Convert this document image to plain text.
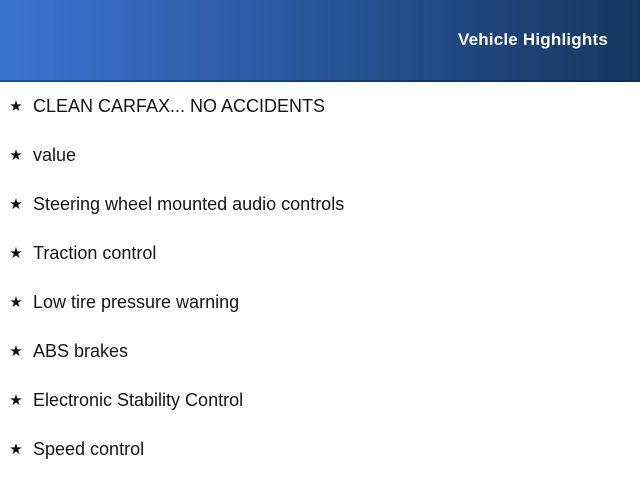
Vehicle Highlights
★ CLEAN CARFAX... NO ACCIDENTS
★ value
★ Steering wheel mounted audio controls
★ Traction control
★ Low tire pressure warning
★ ABS brakes
★ Electronic Stability Control
★ Speed control
